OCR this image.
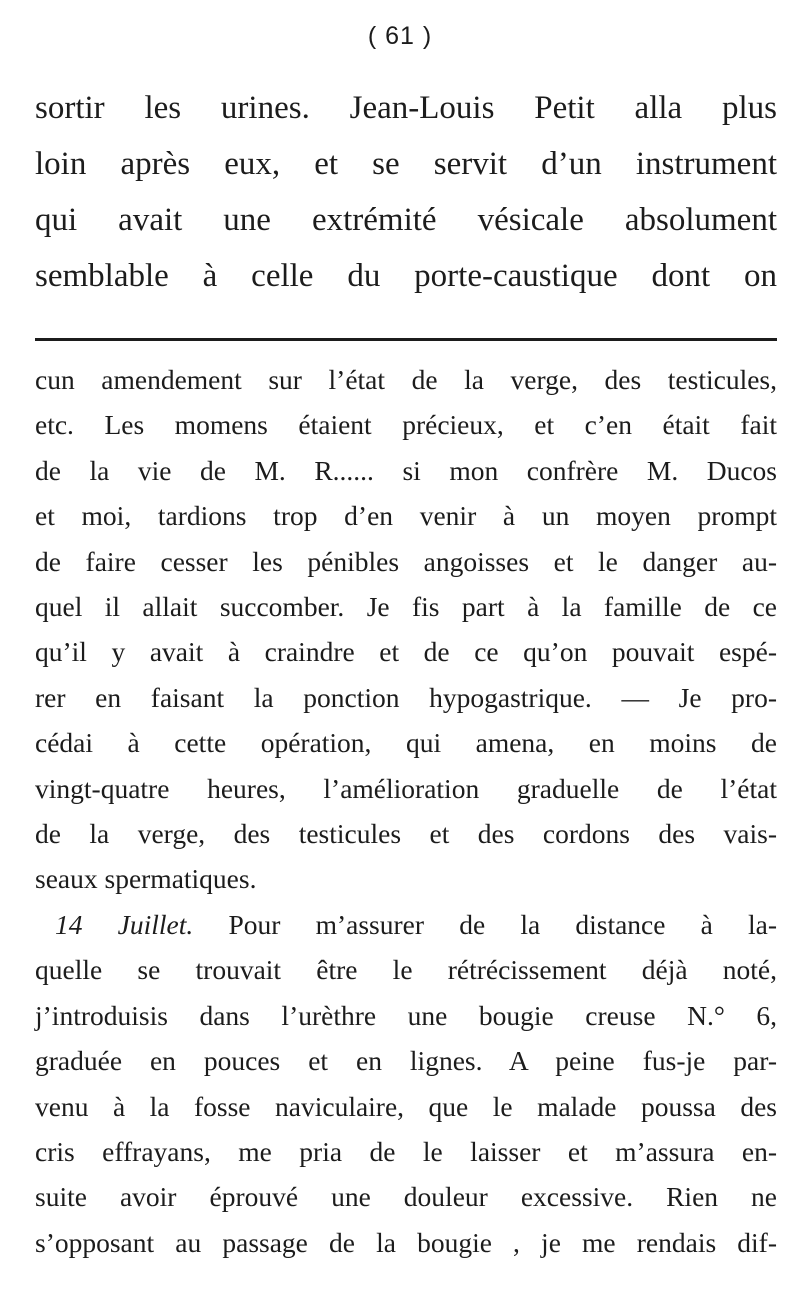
( 61 )
sortir les urines. Jean-Louis Petit alla plus
loin après eux, et se servit d’un instrument
qui avait une extrémité vésicale absolument
semblable à celle du porte-caustique dont on
cun amendement sur l’état de la verge, des testicules,
etc. Les momens étaient précieux, et c’en était fait
de la vie de M. R...... si mon confrère M. Ducos
et moi, tardions trop d’en venir à un moyen prompt
de faire cesser les pénibles angoisses et le danger au-
quel il allait succomber. Je fis part à la famille de ce
qu’il y avait à craindre et de ce qu’on pouvait espé-
rer en faisant la ponction hypogastrique. — Je pro-
cédai à cette opération, qui amena, en moins de
vingt-quatre heures, l’amélioration graduelle de l’état
de la verge, des testicules et des cordons des vais-
seaux spermatiques.
14 Juillet. Pour m’assurer de la distance à la-
quelle se trouvait être le rétrécissement déjà noté,
j’introduisis dans l’urèthre une bougie creuse N.° 6,
graduée en pouces et en lignes. A peine fus-je par-
venu à la fosse naviculaire, que le malade poussa des
cris effrayans, me pria de le laisser et m’assura en-
suite avoir éprouvé une douleur excessive. Rien ne
s’opposant au passage de la bougie , je me rendais dif-
